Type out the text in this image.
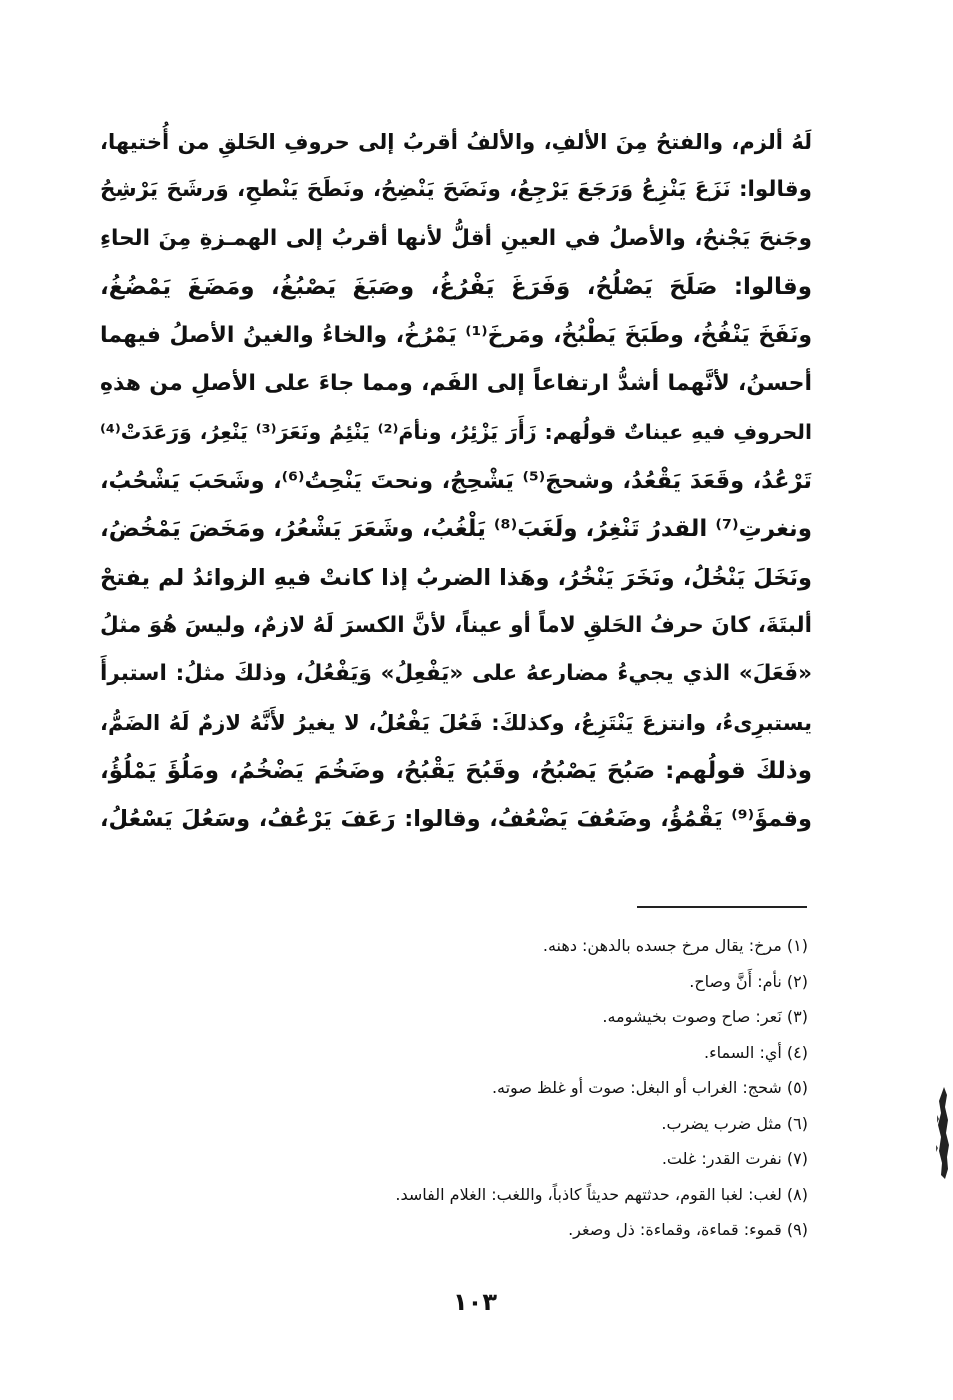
لَهُ ألزم، والفتحُ مِنَ الألفِ، والألفُ أقربُ إلى حروفِ الحَلقِ من أُختيها،
وقالوا: نَزَعَ يَنْزِعُ وَرَجَعَ يَرْجِعُ، ونَضَحَ يَنْضِحُ، ونَطَحَ يَنْطحِ، وَرشَحَ يَرْشِحُ
وجَنحَ يَجْنحُ، والأصلُ في العينِ أقلُّ لأنها أقربُ إلى الهمـزةِ مِنَ الحاءِ
وقالوا: صَلَحَ يَصْلُحُ، وَفَرَغَ يَفْرُغُ، وصَبَغَ يَصْبُغُ، ومَضَغَ يَمْضُغُ،
ونَفَخَ يَنْفُخُ، وطَبَخَ يَطْبُخُ، ومَرخَ⁽¹⁾ يَمْرُخُ، والخاءُ والغينُ الأصلُ فيهما
أحسنُ، لأنَّهما أشدُّ ارتفاعاً إلى الفَم، ومما جاءَ على الأصلِ من هذهِ
الحروفِ فيهِ عيناتٌ قولُهم: زَأَرَ يَزْئِرُ، ونأمَ⁽²⁾ يَنْئِمُ ونَعَرَ⁽³⁾ يَنْعِرُ، وَرَعَدَتْ⁽⁴⁾
تَرْعُدُ، وقَعَدَ يَقْعُدُ، وشحجَ⁽⁵⁾ يَشْحِجُ، ونحتَ يَنْحِتُ⁽⁶⁾، وشَحَبَ يَشْحُبُ،
ونغرتِ⁽⁷⁾ القدرُ تَنْغِرُ، ولَغَبَ⁽⁸⁾ يَلْغُبُ، وشَعَرَ يَشْعُرُ، ومَخَضَ يَمْخُضُ،
ونَخَلَ يَنْخُلُ، ونَخَرَ يَنْخُرُ، وهَذا الضربُ إذا كانتْ فيهِ الزوائدُ لم يفتحْ
ألبتَةَ، كانَ حرفُ الحَلقِ لاماً أو عيناً، لأنَّ الكسرَ لَهُ لازمٌ، وليسَ هُوَ مثلُ
«فَعَلَ» الذي يجيءُ مضارعهُ على «يَفْعِلُ» وَيَفْعُلُ، وذلكَ مثلُ: استبرأَ
يستبرِىءُ، وانتزعَ يَنْتَزِعُ، وكذلكَ: فَعُلَ يَفْعُلُ، لا يغيرُ لأَنَّهُ لازمٌ لَهُ الضَمُّ،
وذلكَ قولُهم: صَبُحَ يَصْبُحُ، وقَبُحَ يَقْبُحُ، وضَخُمَ يَضْخُمُ، ومَلُؤَ يَمْلُؤُ،
وقمؤَ⁽⁹⁾ يَقْمُؤُ، وضَعُفَ يَضْعُفُ، وقالوا: رَعَفَ يَرْعُفُ، وسَعُلَ يَسْعُلُ،
(١) مرخ: يقال مرخ جسده بالدهن: دهنه.
(٢) نأم: أَنَّ وصاح.
(٣) نَعر: صاح وصوت بخيشومه.
(٤) أي: السماء.
(٥) شحج: الغراب أو البغل: صوت أو غلظ صوته.
(٦) مثل ضرب يضرب.
(٧) نفرت القدر: غلت.
(٨) لغب: لغبا القوم، حدثتهم حديثاً كاذباً، واللغب: الغلام الفاسد.
(٩) قموء: قماءة، وقماءة: ذل وصغر.
١٠٣
